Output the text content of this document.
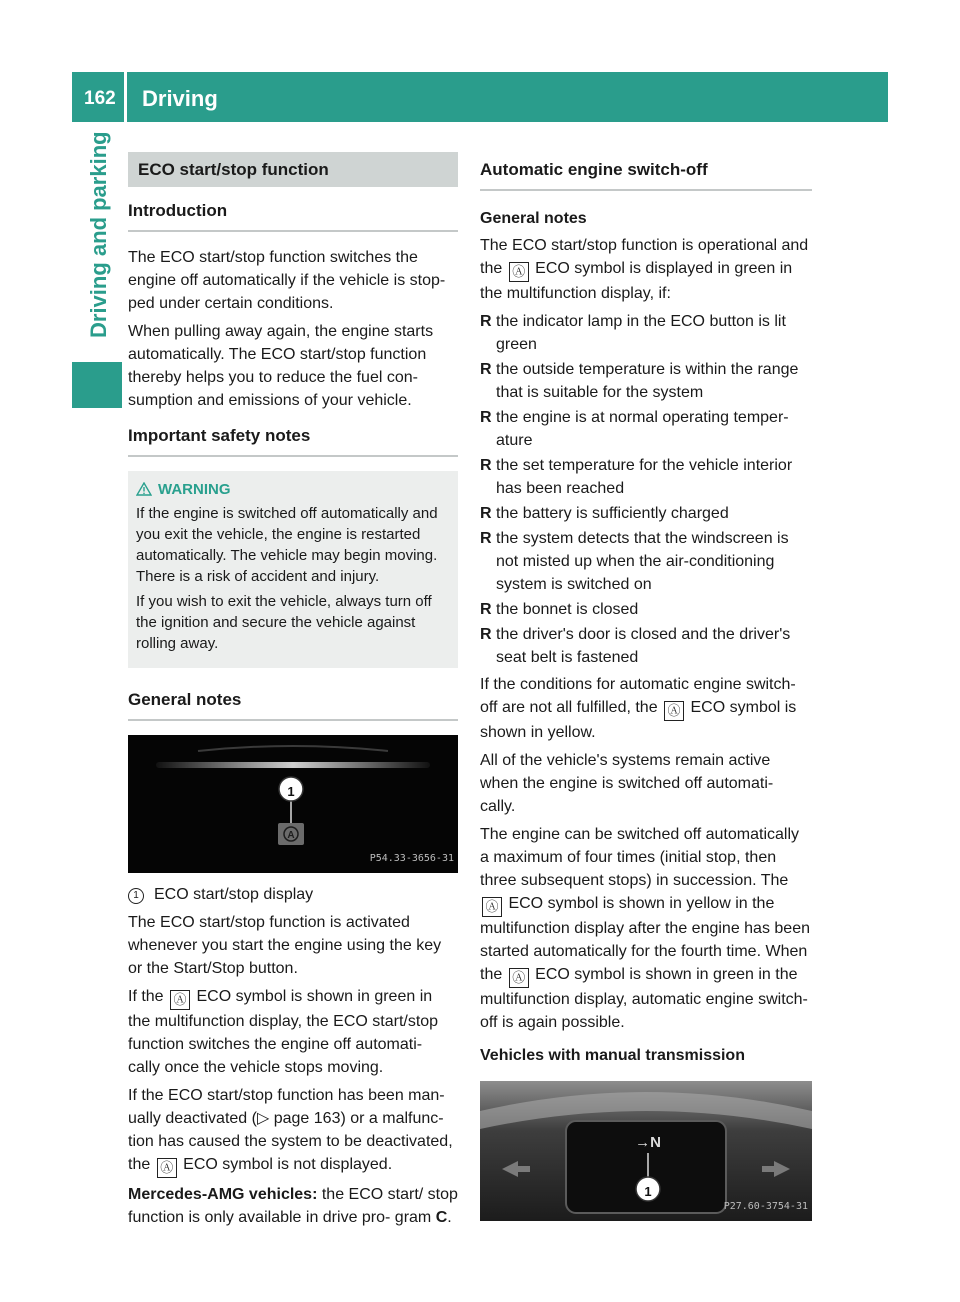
162 Driving
Driving and parking	ECO start/stop function
Introduction

The ECO start/stop function switches the engine off automatically if the vehicle is stop- ped under certain conditions.

When pulling away again, the engine starts automatically. The ECO start/stop function thereby helps you to reduce the fuel con- sumption and emissions of your vehicle.

Important safety notes
WARNING

If the engine is switched off automatically and you exit the vehicle, the engine is restarted automatically. The vehicle may begin moving. There is a risk of accident and injury.

If you wish to exit the vehicle, always turn off the ignition and secure the vehicle against rolling away.

General notes
A
1
P54.33-3656-31

1 ECO start/stop display

The ECO start/stop function is activated whenever you start the engine using the key or the Start/Stop button.

If the Ⓐ ECO symbol is shown in green in the multifunction display, the ECO start/stop function switches the engine off automati- cally once the vehicle stops moving.

If the ECO start/stop function has been man- ually deactivated (▷ page 163) or a malfunc- tion has caused the system to be deactivated, the Ⓐ ECO symbol is not displayed.

Mercedes-AMG vehicles: the ECO start/ stop function is only available in drive pro- gram C.

Automatic engine switch-off
General notes

The ECO start/stop function is operational and the Ⓐ ECO symbol is displayed in green in the multifunction display, if:

R the indicator lamp in the ECO button is lit green
R the outside temperature is within the range that is suitable for the system
R the engine is at normal operating temper- ature
R the set temperature for the vehicle interior has been reached
R the battery is sufficiently charged
R the system detects that the windscreen is not misted up when the air-conditioning system is switched on
R the bonnet is closed
R the driver's door is closed and the driver's seat belt is fastened

If the conditions for automatic engine switch- off are not all fulfilled, the Ⓐ ECO symbol is shown in yellow.

All of the vehicle's systems remain active when the engine is switched off automati- cally.

The engine can be switched off automatically a maximum of four times (initial stop, then three subsequent stops) in succession. The Ⓐ ECO symbol is shown in yellow in the multifunction display after the engine has been started automatically for the fourth time. When the Ⓐ ECO symbol is shown in green in the multifunction display, automatic engine switch-off is again possible.

Vehicles with manual transmission
→N
1
P27.60-3754-31
